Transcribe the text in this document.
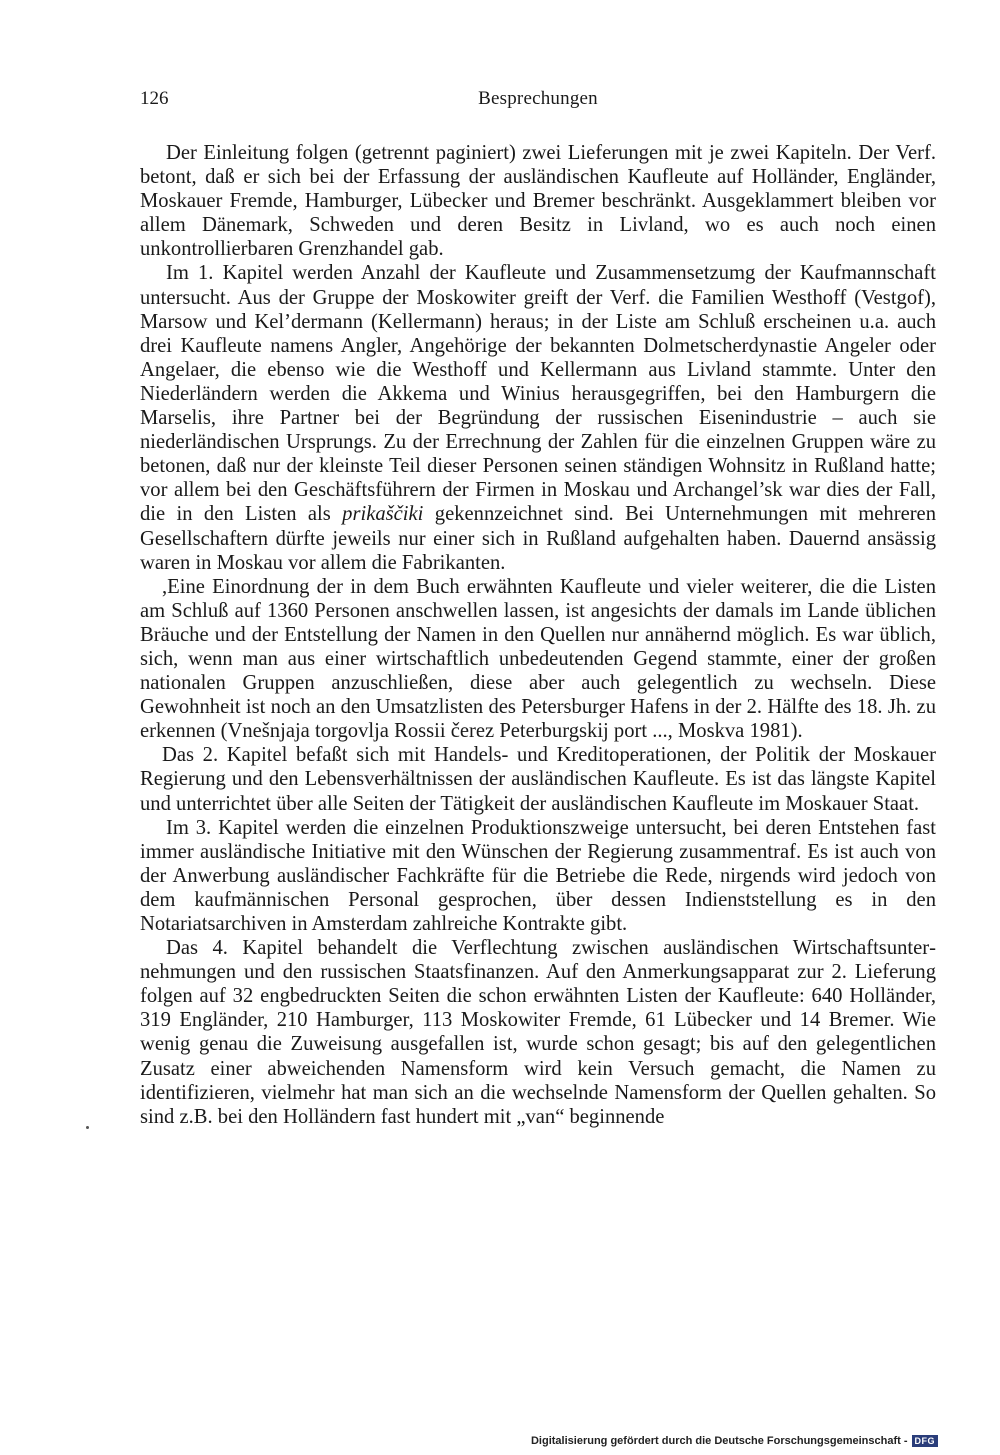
126	Besprechungen

Der Einleitung folgen (getrennt paginiert) zwei Lieferungen mit je zwei Kapiteln. Der Verf. betont, daß er sich bei der Erfassung der ausländischen Kaufleute auf Holländer, Engländer, Moskauer Fremde, Hamburger, Lübecker und Bremer beschränkt. Ausgeklammert bleiben vor allem Dänemark, Schweden und deren Besitz in Livland, wo es auch noch einen unkontrollierbaren Grenzhandel gab.

Im 1. Kapitel werden Anzahl der Kaufleute und Zusammensetzumg der Kaufmannschaft untersucht. Aus der Gruppe der Moskowiter greift der Verf. die Familien Westhoff (Vestgof), Marsow und Kel’dermann (Kellermann) heraus; in der Liste am Schluß erscheinen u.a. auch drei Kaufleute namens Angler, Angehörige der bekannten Dolmetscherdynastie Angeler oder Angelaer, die ebenso wie die Westhoff und Kellermann aus Livland stammte. Unter den Niederländern werden die Akkema und Winius herausgegriffen, bei den Hamburgern die Marselis, ihre Partner bei der Begründung der russischen Eisenindustrie – auch sie niederländischen Ursprungs. Zu der Errechnung der Zahlen für die einzelnen Gruppen wäre zu betonen, daß nur der kleinste Teil dieser Personen seinen ständigen Wohnsitz in Rußland hatte; vor allem bei den Geschäftsführern der Firmen in Moskau und Archangel’sk war dies der Fall, die in den Listen als prikaščiki gekennzeichnet sind. Bei Unternehmungen mit mehreren Gesellschaftern dürfte jeweils nur einer sich in Rußland aufgehalten haben. Dauernd ansässig waren in Moskau vor allem die Fabrikanten.

,Eine Einordnung der in dem Buch erwähnten Kaufleute und vieler weiterer, die die Listen am Schluß auf 1360 Personen anschwellen lassen, ist angesichts der damals im Lande üblichen Bräuche und der Entstellung der Namen in den Quellen nur annähernd möglich. Es war üblich, sich, wenn man aus einer wirtschaftlich unbedeutenden Gegend stammte, einer der großen nationalen Gruppen anzuschließen, diese aber auch gelegentlich zu wechseln. Diese Gewohnheit ist noch an den Umsatzlisten des Petersburger Hafens in der 2. Hälfte des 18. Jh. zu erkennen (Vnešnjaja torgovlja Rossii čerez Peterburgskij port ..., Moskva 1981).

Das 2. Kapitel befaßt sich mit Handels- und Kreditoperationen, der Politik der Moskauer Regierung und den Lebensverhältnissen der ausländischen Kaufleute. Es ist das längste Kapitel und unterrichtet über alle Seiten der Tätigkeit der ausländischen Kaufleute im Moskauer Staat.

Im 3. Kapitel werden die einzelnen Produktionszweige untersucht, bei deren Entstehen fast immer ausländische Initiative mit den Wünschen der Regierung zusammentraf. Es ist auch von der Anwerbung ausländischer Fachkräfte für die Betriebe die Rede, nirgends wird jedoch von dem kaufmännischen Personal gesprochen, über dessen Indienststellung es in den Notariatsarchiven in Amsterdam zahlreiche Kontrakte gibt.

Das 4. Kapitel behandelt die Verflechtung zwischen ausländischen Wirtschaftsunternehmungen und den russischen Staatsfinanzen. Auf den Anmerkungsapparat zur 2. Lieferung folgen auf 32 engbedruckten Seiten die schon erwähnten Listen der Kaufleute: 640 Holländer, 319 Engländer, 210 Hamburger, 113 Moskowiter Fremde, 61 Lübecker und 14 Bremer. Wie wenig genau die Zuweisung ausgefallen ist, wurde schon gesagt; bis auf den gelegentlichen Zusatz einer abweichenden Namensform wird kein Versuch gemacht, die Namen zu identifizieren, vielmehr hat man sich an die wechselnde Namensform der Quellen gehalten. So sind z.B. bei den Holländern fast hundert mit „van“ beginnende

Digitalisierung gefördert durch die Deutsche Forschungsgemeinschaft - DFG
